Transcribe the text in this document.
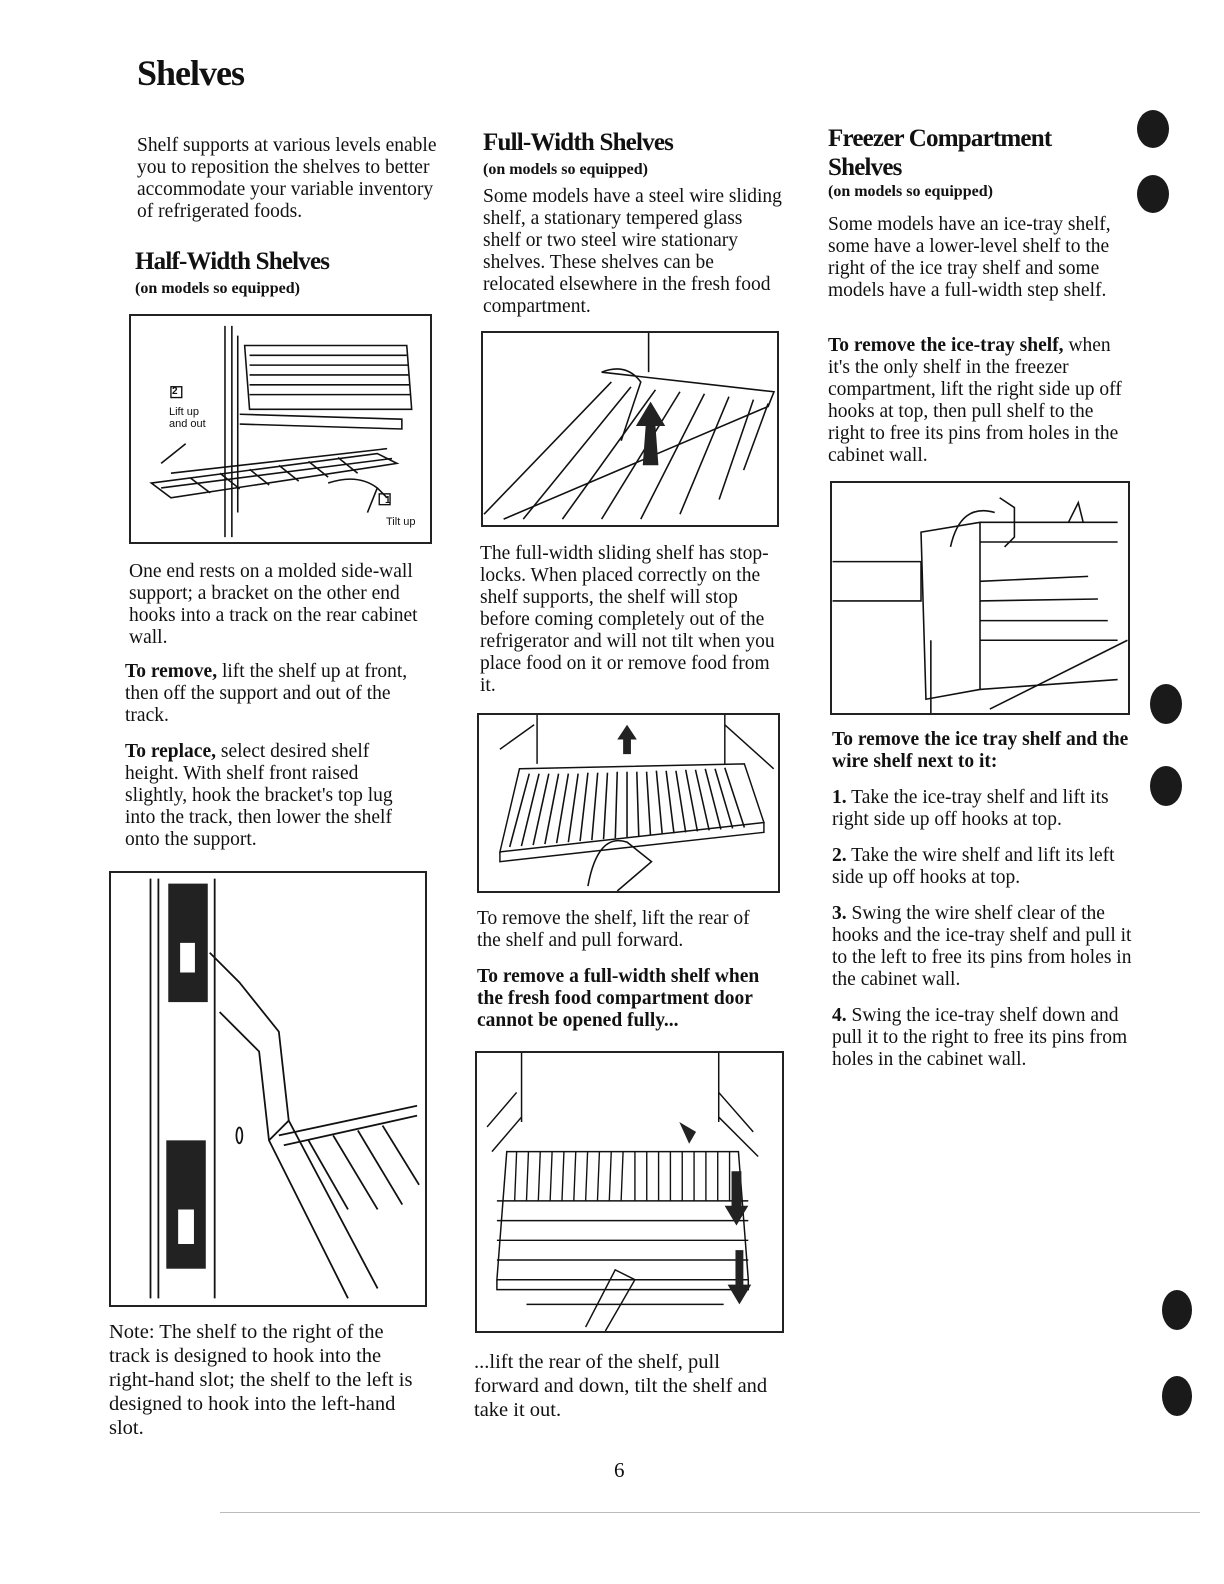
Shelves

Shelf supports at various levels enable you to reposition the shelves to better accommodate your variable inventory of refrigerated foods.

Half-Width Shelves
(on models so equipped)
2
Lift up and out
1
Tilt up

One end rests on a molded side-wall support; a bracket on the other end hooks into a track on the rear cabinet wall.

To remove, lift the shelf up at front, then off the support and out of the track.

To replace, select desired shelf height. With shelf front raised slightly, hook the bracket's top lug into the track, then lower the shelf onto the support.

Note: The shelf to the right of the track is designed to hook into the right-hand slot; the shelf to the left is designed to hook into the left-hand slot.

Full-Width Shelves
(on models so equipped)

Some models have a steel wire sliding shelf, a stationary tempered glass shelf or two steel wire stationary shelves. These shelves can be relocated elsewhere in the fresh food compartment.

The full-width sliding shelf has stop-locks. When placed correctly on the shelf supports, the shelf will stop before coming completely out of the refrigerator and will not tilt when you place food on it or remove food from it.

To remove the shelf, lift the rear of the shelf and pull forward.

To remove a full-width shelf when the fresh food compartment door cannot be opened fully...

...lift the rear of the shelf, pull forward and down, tilt the shelf and take it out.

Freezer Compartment Shelves
(on models so equipped)

Some models have an ice-tray shelf, some have a lower-level shelf to the right of the ice tray shelf and some models have a full-width step shelf.

To remove the ice-tray shelf, when it's the only shelf in the freezer compartment, lift the right side up off hooks at top, then pull shelf to the right to free its pins from holes in the cabinet wall.

To remove the ice tray shelf and the wire shelf next to it:

1. Take the ice-tray shelf and lift its right side up off hooks at top.

2. Take the wire shelf and lift its left side up off hooks at top.

3. Swing the wire shelf clear of the hooks and the ice-tray shelf and pull it to the left to free its pins from holes in the cabinet wall.

4. Swing the ice-tray shelf down and pull it to the right to free its pins from holes in the cabinet wall.

6
